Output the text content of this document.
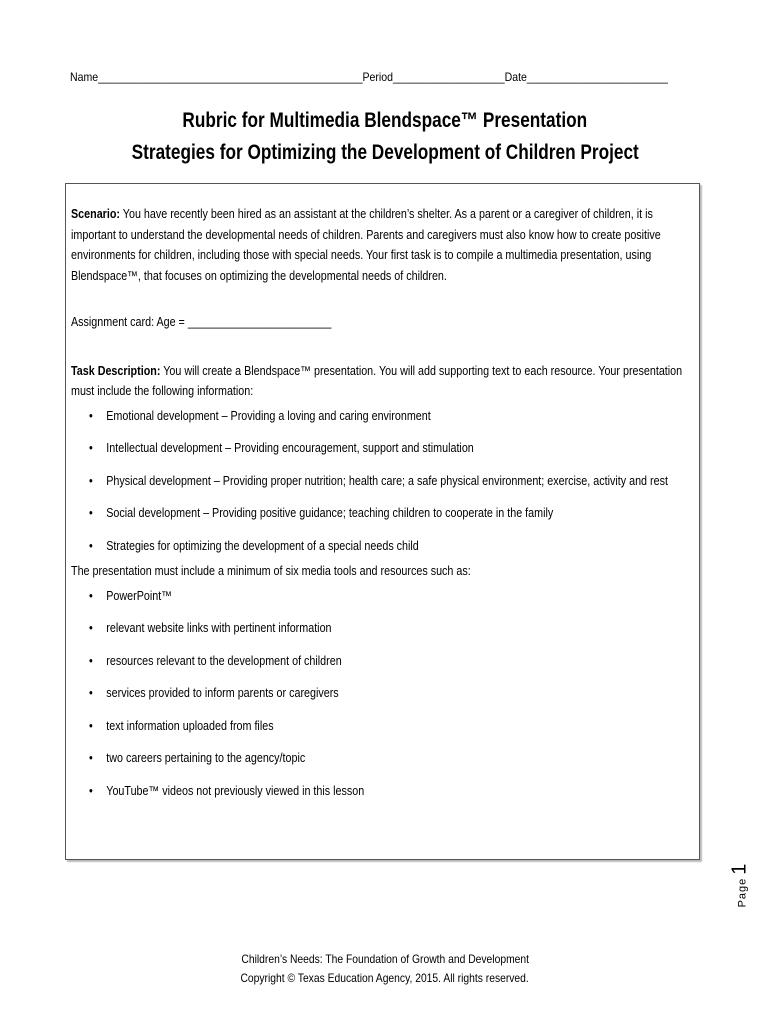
Name_____________________________________________Period___________________Date________________________
Rubric for Multimedia Blendspace™ Presentation
Strategies for Optimizing the Development of Children Project

Scenario: You have recently been hired as an assistant at the children’s shelter. As a parent or a caregiver of children, it is important to understand the developmental needs of children. Parents and caregivers must also know how to create positive environments for children, including those with special needs. Your first task is to compile a multimedia presentation, using Blendspace™, that focuses on optimizing the developmental needs of children.

Assignment card: Age = ________________________

Task Description: You will create a Blendspace™ presentation. You will add supporting text to each resource. Your presentation must include the following information:

• Emotional development – Providing a loving and caring environment
• Intellectual development – Providing encouragement, support and stimulation
• Physical development – Providing proper nutrition; health care; a safe physical environment; exercise, activity and rest
• Social development – Providing positive guidance; teaching children to cooperate in the family
• Strategies for optimizing the development of a special needs child

The presentation must include a minimum of six media tools and resources such as:

• PowerPoint™
• relevant website links with pertinent information
• resources relevant to the development of children
• services provided to inform parents or caregivers
• text information uploaded from files
• two careers pertaining to the agency/topic
• YouTube™ videos not previously viewed in this lesson
Page1
Children’s Needs: The Foundation of Growth and Development
Copyright © Texas Education Agency, 2015. All rights reserved.
